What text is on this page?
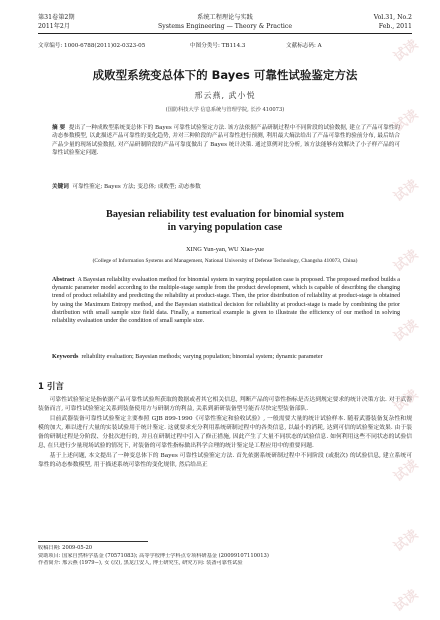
第31卷第2期	系统工程理论与实践	Vol.31, No.2
2011年2月	Systems Engineering — Theory & Practice	Feb., 2011
文章编号: 1000-6788(2011)02-0323-05	中图分类号: TB114.3	文献标志码: A
成败型系统变总体下的 Bayes 可靠性试验鉴定方法
邢云燕, 武小悦
(国防科技大学 信息系统与管理学院, 长沙 410073)
摘 要 提出了一种成败型系统变总体下的 Bayes 可靠性试验鉴定方法. 该方法依据产品研制过程中不同阶段的试验数据, 建立了产品可靠性的动态参数模型, 以此描述产品可靠性的变化趋势, 并对三种阶段的产品可靠性进行预测, 利用最大熵法给出了产品可靠性的验前分布, 最后结合产品少量的现场试验数据, 对产品研制阶段的产品可靠度做出了 Bayes 统计决策. 通过算例对比分析, 该方法能够有效解决了小子样产品的可靠性试验鉴定问题.
关键词 可靠性鉴定; Bayes 方法; 变总体; 成败型; 动态参数
Bayesian reliability test evaluation for binomial system
in varying population case
XING Yun-yan, WU Xiao-yue
(College of Information Systems and Management, National University of Defense Technology, Changsha 410073, China)
Abstract A Bayesian reliability evaluation method for binomial system in varying population case is proposed. The proposed method builds a dynamic parameter model according to the multiple-stage sample from the product development, which is capable of describing the changing trend of product reliability and predicting the reliability at product-stage. Then, the prior distribution of reliability at product-stage is obtained by using the Maximum Entropy method, and the Bayesian statistical decision for reliability at product-stage is made by combining the prior distribution with small sample size field data. Finally, a numerical example is given to illustrate the efficiency of our method in solving reliability evaluation under the condition of small sample size.
Keywords reliability evaluation; Bayesian methods; varying population; binomial system; dynamic parameter
1 引言

可靠性试验鉴定是指依据产品可靠性试验所获取的数据或者其它相关信息, 判断产品的可靠性指标是否达到规定要求的统计决策方法. 对于武器装备而言, 可靠性试验鉴定关系到装备使用方与研制方的利益, 关系到新研装备型号能否尽快定型装备部队.

目前武器装备可靠性试验鉴定主要参照 GJB 899-1990《可靠性鉴定和验收试验》, 一般需要大量的统计试验样本. 随着武器装备复杂性和规模的加大, 难以进行大量的实装试验用于统计鉴定. 这就要求充分利用系统研制过程中的各类信息, 以最小的消耗, 达到可信的试验鉴定效果. 由于装备的研制过程是分阶段、分批次进行的, 并且在研制过程中引入了修正措施, 因此产生了大量不同状态的试验信息. 如何利用这些不同状态的试验信息, 在只进行少量现场试验的情况下, 对装备的可靠性指标做出科学合理的统计鉴定是工程应用中的重要问题.

基于上述问题, 本文提出了一种变总体下的 Bayes 可靠性试验鉴定方法. 首先依据系统研制过程中不同阶段 (或批次) 的试验信息, 建立系统可靠性的动态参数模型, 用于描述系统可靠性的变化规律, 然后给出正

收稿日期: 2009-05-20
资助项目: 国家自然科学基金 (70571083); 高等学校博士学科点专项科研基金 (20099107110013)
作者简介: 邢云燕 (1979−), 女 (汉), 黑龙江安人, 博士研究生, 研究方向: 装备可靠性试验
试读
试读
试读
试读
试读
试读
试读
试读
试读
